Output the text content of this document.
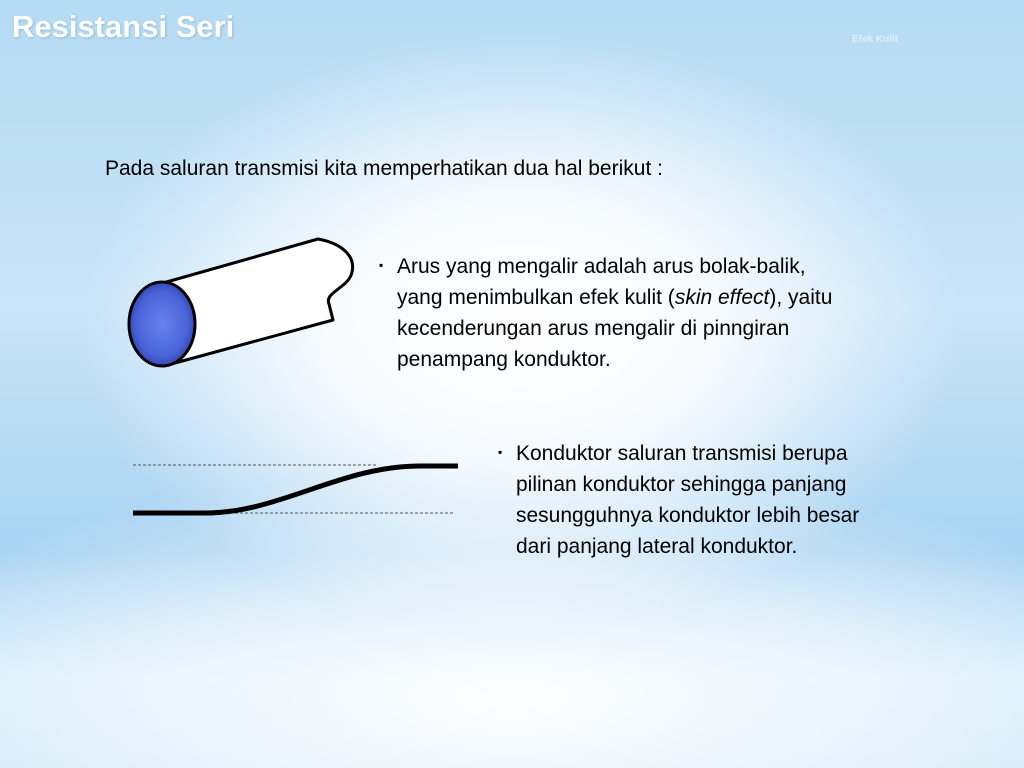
Resistansi Seri	Efek Kulit

Pada saluran transmisi kita memperhatikan dua hal berikut :

▪ Arus yang mengalir adalah arus bolak-balik,
yang menimbulkan efek kulit (skin effect), yaitu
kecenderungan arus mengalir di pinngiran
penampang konduktor.
▪ Konduktor saluran transmisi berupa
pilinan konduktor sehingga panjang
sesungguhnya konduktor lebih besar
dari panjang lateral konduktor.
